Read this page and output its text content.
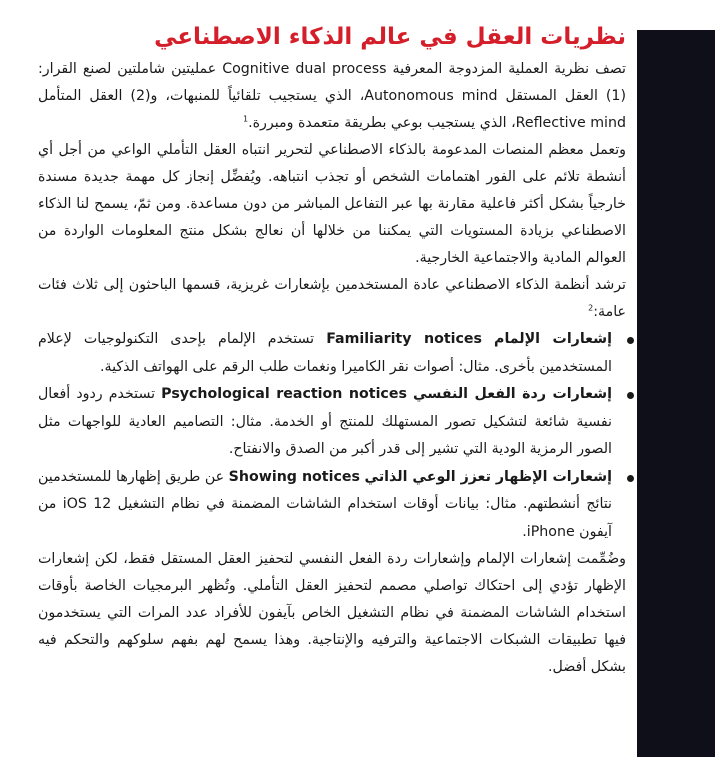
نظريات العقل في عالم الذكاء الاصطناعي

تصف نظرية العملية المزدوجة المعرفية Cognitive dual process عمليتين شاملتين لصنع القرار: (1) العقل المستقل Autonomous mind، الذي يستجيب تلقائياً للمنبهات، و(2) العقل المتأمل Reflective mind، الذي يستجيب بوعي بطريقة متعمدة ومبررة.$^1$

وتعمل معظم المنصات المدعومة بالذكاء الاصطناعي لتحرير انتباه العقل التأملي الواعي من أجل أي أنشطة تلائم على الفور اهتمامات الشخص أو تجذب انتباهه. ويُفضِّل إنجاز كل مهمة جديدة مسندة خارجياً بشكل أكثر فاعلية مقارنة بها عبر التفاعل المباشر من دون مساعدة. ومن ثمّ، يسمح لنا الذكاء الاصطناعي بزيادة المستويات التي يمكننا من خلالها أن نعالج بشكل منتج المعلومات الواردة من العوالم المادية والاجتماعية الخارجية.

ترشد أنظمة الذكاء الاصطناعي عادة المستخدمين بإشعارات غريزية، قسمها الباحثون إلى ثلاث فئات عامة:$^2$

إشعارات الإلمام Familiarity notices تستخدم الإلمام بإحدى التكنولوجيات لإعلام المستخدمين بأخرى. مثال: أصوات نقر الكاميرا ونغمات طلب الرقم على الهواتف الذكية.
إشعارات ردة الفعل النفسي Psychological reaction notices تستخدم ردود أفعال نفسية شائعة لتشكيل تصور المستهلك للمنتج أو الخدمة. مثال: التصاميم العادية للواجهات مثل الصور الرمزية الودية التي تشير إلى قدر أكبر من الصدق والانفتاح.
إشعارات الإظهار تعزز الوعي الذاتي Showing notices عن طريق إظهارها للمستخدمين نتائج أنشطتهم. مثال: بيانات أوقات استخدام الشاشات المضمنة في نظام التشغيل iOS 12 من آيفون iPhone.

وضُمِّمت إشعارات الإلمام وإشعارات ردة الفعل النفسي لتحفيز العقل المستقل فقط، لكن إشعارات الإظهار تؤدي إلى احتكاك تواصلي مصمم لتحفيز العقل التأملي. وتُظهر البرمجيات الخاصة بأوقات استخدام الشاشات المضمنة في نظام التشغيل الخاص بآيفون للأفراد عدد المرات التي يستخدمون فيها تطبيقات الشبكات الاجتماعية والترفيه والإنتاجية. وهذا يسمح لهم بفهم سلوكهم والتحكم فيه بشكل أفضل.
